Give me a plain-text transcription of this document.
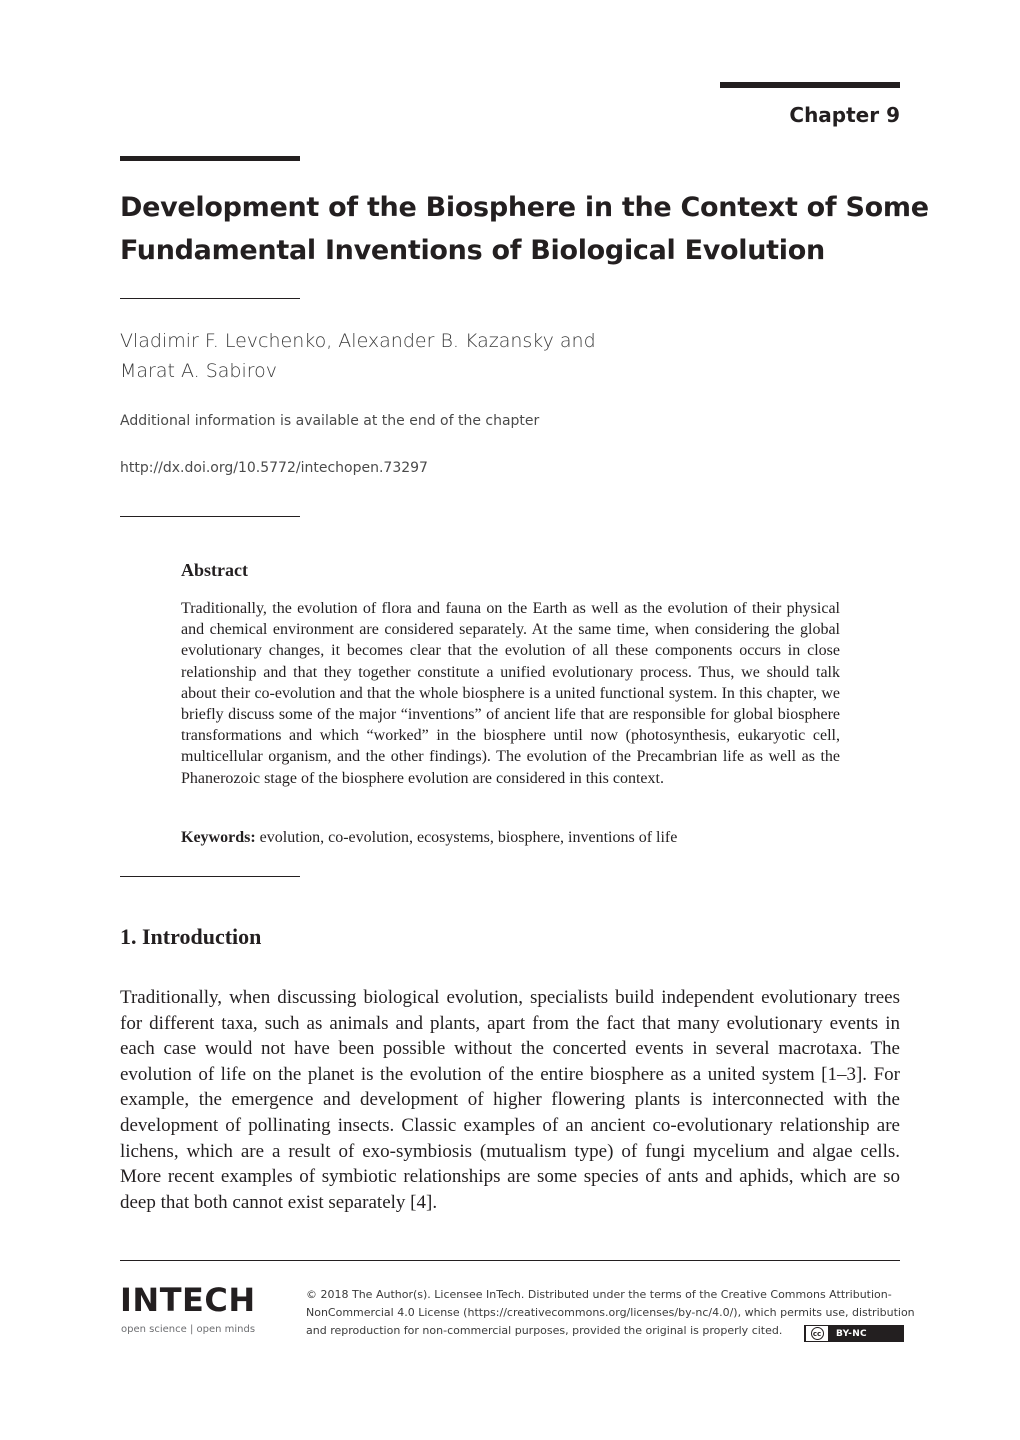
Chapter 9
Development of the Biosphere in the Context of Some
Fundamental Inventions of Biological Evolution
Vladimir F. Levchenko, Alexander B. Kazansky and
Marat A. Sabirov
Additional information is available at the end of the chapter
http://dx.doi.org/10.5772/intechopen.73297
Abstract

Traditionally, the evolution of flora and fauna on the Earth as well as the evolution of their physical and chemical environment are considered separately. At the same time, when considering the global evolutionary changes, it becomes clear that the evolution of all these components occurs in close relationship and that they together constitute a unified evolutionary process. Thus, we should talk about their co-evolution and that the whole biosphere is a united functional system. In this chapter, we briefly discuss some of the major “inventions” of ancient life that are responsible for global biosphere transformations and which “worked” in the biosphere until now (photosynthesis, eukaryotic cell, multicellular organism, and the other findings). The evolution of the Precambrian life as well as the Phanerozoic stage of the biosphere evolution are considered in this context.

Keywords: evolution, co-evolution, ecosystems, biosphere, inventions of life

1. Introduction

Traditionally, when discussing biological evolution, specialists build independent evolutionary trees for different taxa, such as animals and plants, apart from the fact that many evolutionary events in each case would not have been possible without the concerted events in several macrotaxa. The evolution of life on the planet is the evolution of the entire biosphere as a united system [1–3]. For example, the emergence and development of higher flowering plants is interconnected with the development of pollinating insects. Classic examples of an ancient co-evolutionary relationship are lichens, which are a result of exo-symbiosis (mutualism type) of fungi mycelium and algae cells. More recent examples of symbiotic relationships are some species of ants and aphids, which are so deep that both cannot exist separately [4].

INTECH
open science | open minds

© 2018 The Author(s). Licensee InTech. Distributed under the terms of the Creative Commons Attribution-
NonCommercial 4.0 License (https://creativecommons.org/licenses/by-nc/4.0/), which permits use, distribution
and reproduction for non-commercial purposes, provided the original is properly cited.	cc BY-NC
